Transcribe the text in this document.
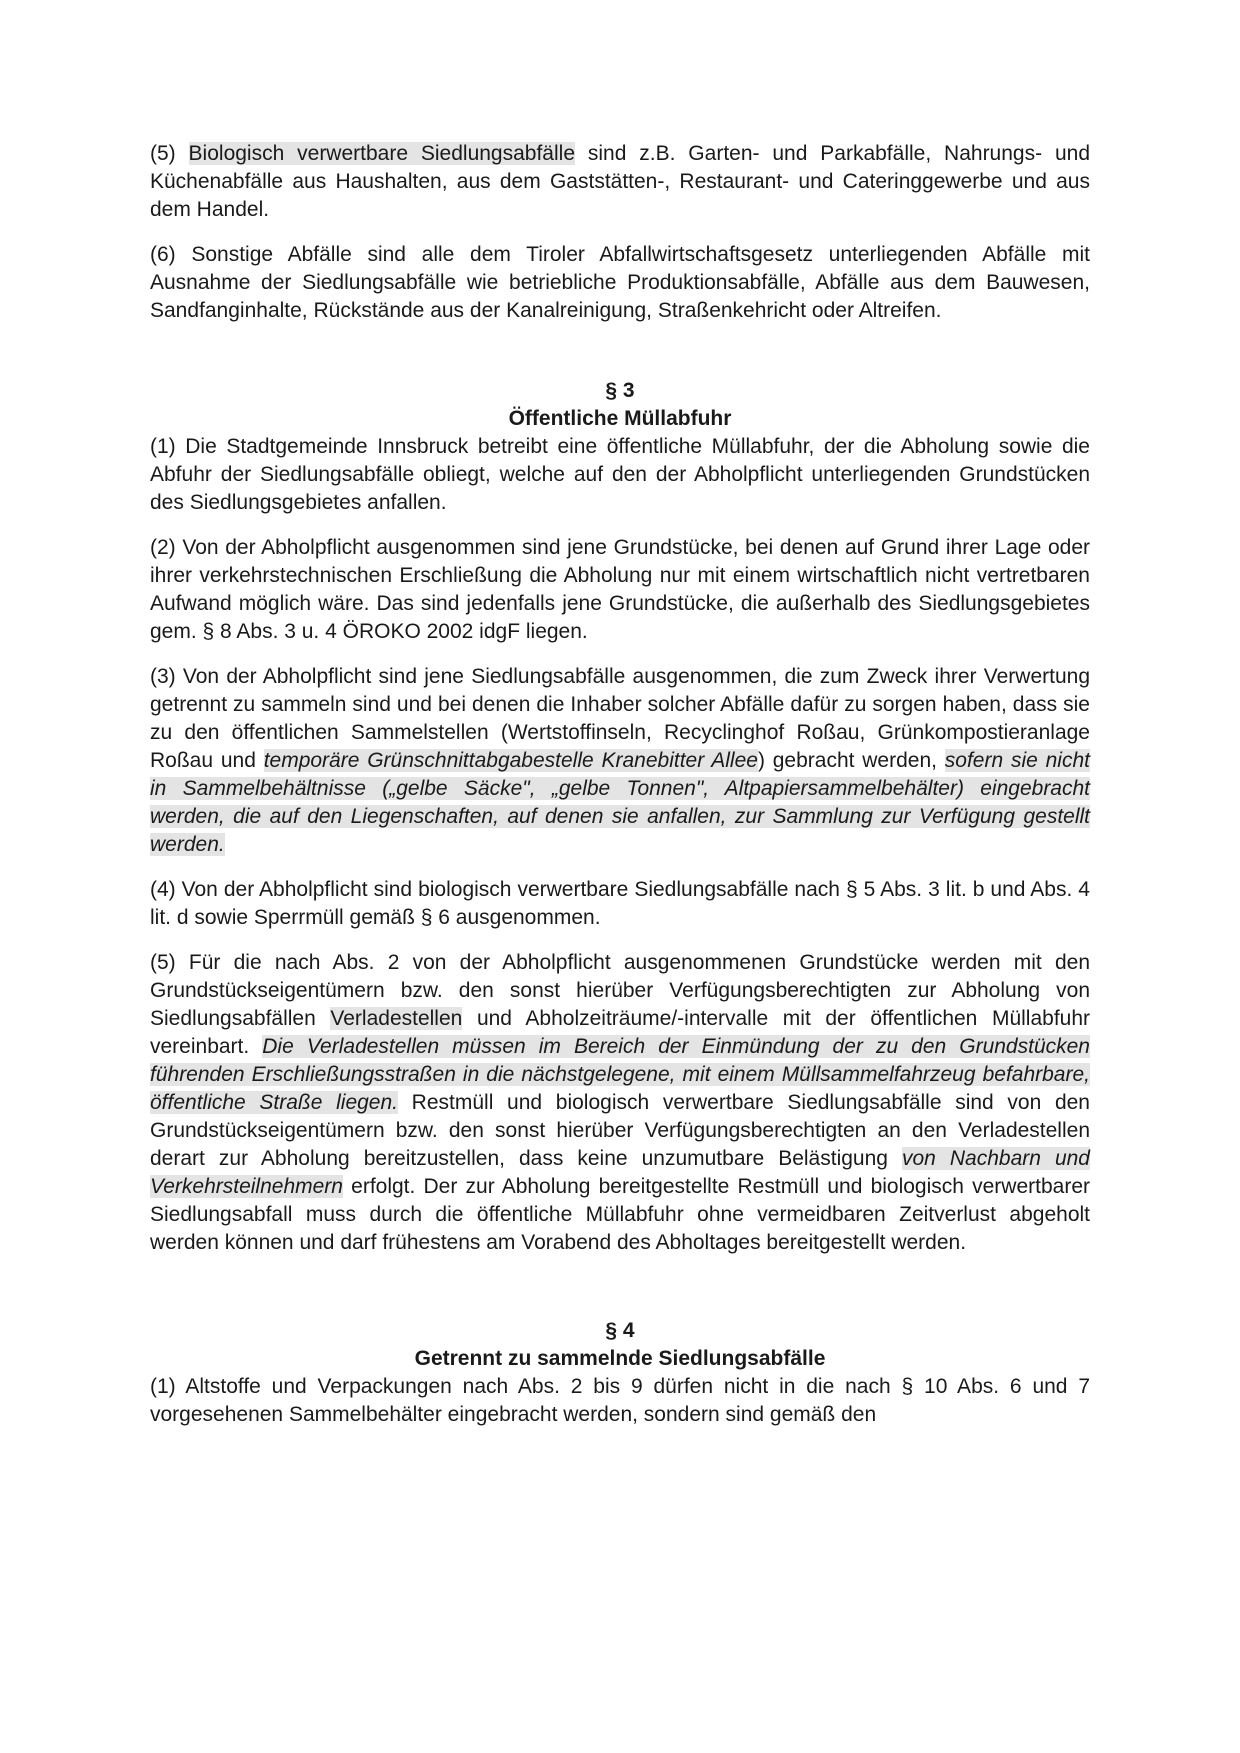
(5) Biologisch verwertbare Siedlungsabfälle sind z.B. Garten- und Parkabfälle, Nahrungs- und Küchenabfälle aus Haushalten, aus dem Gaststätten-, Restaurant- und Cateringgewerbe und aus dem Handel.

(6) Sonstige Abfälle sind alle dem Tiroler Abfallwirtschaftsgesetz unterliegenden Abfälle mit Ausnahme der Siedlungsabfälle wie betriebliche Produktionsabfälle, Abfälle aus dem Bauwesen, Sandfanginhalte, Rückstände aus der Kanalreinigung, Straßenkehricht oder Altreifen.

§ 3
Öffentliche Müllabfuhr

(1) Die Stadtgemeinde Innsbruck betreibt eine öffentliche Müllabfuhr, der die Abholung sowie die Abfuhr der Siedlungsabfälle obliegt, welche auf den der Abholpflicht unterliegenden Grundstücken des Siedlungsgebietes anfallen.

(2) Von der Abholpflicht ausgenommen sind jene Grundstücke, bei denen auf Grund ihrer Lage oder ihrer verkehrstechnischen Erschließung die Abholung nur mit einem wirtschaftlich nicht vertretbaren Aufwand möglich wäre. Das sind jedenfalls jene Grundstücke, die außerhalb des Siedlungsgebietes gem. § 8 Abs. 3 u. 4 ÖROKO 2002 idgF liegen.

(3) Von der Abholpflicht sind jene Siedlungsabfälle ausgenommen, die zum Zweck ihrer Verwertung getrennt zu sammeln sind und bei denen die Inhaber solcher Abfälle dafür zu sorgen haben, dass sie zu den öffentlichen Sammelstellen (Wertstoffinseln, Recyclinghof Roßau, Grünkompostieranlage Roßau und temporäre Grünschnittabgabestelle Kranebitter Allee) gebracht werden, sofern sie nicht in Sammelbehältnisse („gelbe Säcke", „gelbe Tonnen", Altpapiersammelbehälter) eingebracht werden, die auf den Liegenschaften, auf denen sie anfallen, zur Sammlung zur Verfügung gestellt werden.

(4) Von der Abholpflicht sind biologisch verwertbare Siedlungsabfälle nach § 5 Abs. 3 lit. b und Abs. 4 lit. d sowie Sperrmüll gemäß § 6 ausgenommen.

(5) Für die nach Abs. 2 von der Abholpflicht ausgenommenen Grundstücke werden mit den Grundstückseigentümern bzw. den sonst hierüber Verfügungsberechtigten zur Abholung von Siedlungsabfällen Verladestellen und Abholzeiträume/-intervalle mit der öffentlichen Müllabfuhr vereinbart. Die Verladestellen müssen im Bereich der Einmündung der zu den Grundstücken führenden Erschließungsstraßen in die nächstgelegene, mit einem Müllsammelfahrzeug befahrbare, öffentliche Straße liegen. Restmüll und biologisch verwertbare Siedlungsabfälle sind von den Grundstückseigentümern bzw. den sonst hierüber Verfügungsberechtigten an den Verladestellen derart zur Abholung bereitzustellen, dass keine unzumutbare Belästigung von Nachbarn und Verkehrsteilnehmern erfolgt. Der zur Abholung bereitgestellte Restmüll und biologisch verwertbarer Siedlungsabfall muss durch die öffentliche Müllabfuhr ohne vermeidbaren Zeitverlust abgeholt werden können und darf frühestens am Vorabend des Abholtages bereitgestellt werden.

§ 4
Getrennt zu sammelnde Siedlungsabfälle

(1) Altstoffe und Verpackungen nach Abs. 2 bis 9 dürfen nicht in die nach § 10 Abs. 6 und 7 vorgesehenen Sammelbehälter eingebracht werden, sondern sind gemäß den
